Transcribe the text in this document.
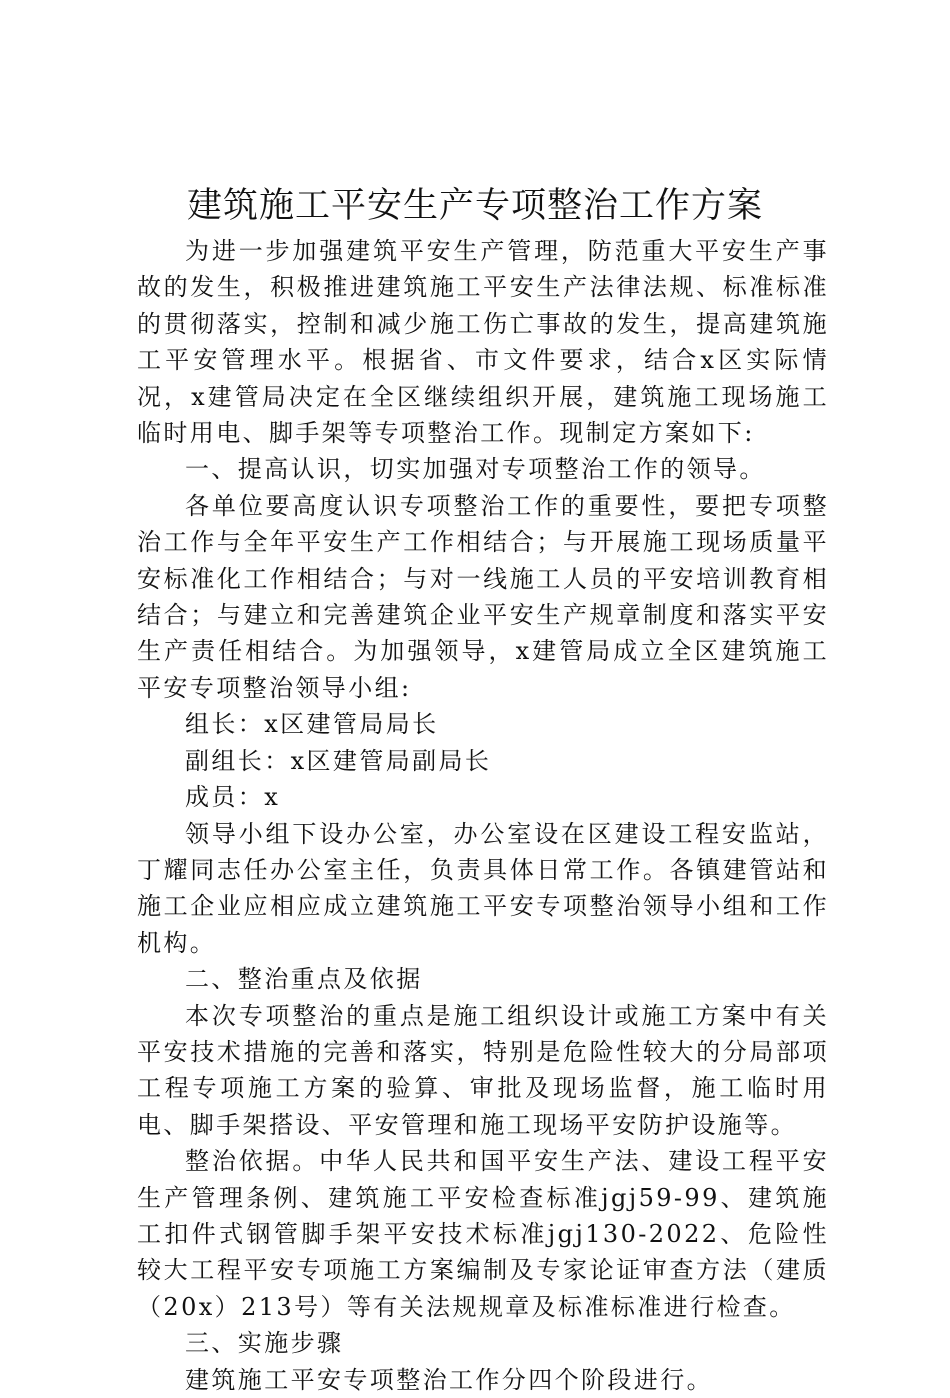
建筑施工平安生产专项整治工作方案

为进一步加强建筑平安生产管理，防范重大平安生产事故的发生，积极推进建筑施工平安生产法律法规、标准标准的贯彻落实，控制和减少施工伤亡事故的发生，提高建筑施工平安管理水平。根据省、市文件要求，结合x区实际情况，x建管局决定在全区继续组织开展，建筑施工现场施工临时用电、脚手架等专项整治工作。现制定方案如下:

一、提高认识，切实加强对专项整治工作的领导。

各单位要高度认识专项整治工作的重要性，要把专项整治工作与全年平安生产工作相结合；与开展施工现场质量平安标准化工作相结合；与对一线施工人员的平安培训教育相结合；与建立和完善建筑企业平安生产规章制度和落实平安生产责任相结合。为加强领导，x建管局成立全区建筑施工平安专项整治领导小组:

组长：x区建管局局长

副组长：x区建管局副局长

成员：x

领导小组下设办公室，办公室设在区建设工程安监站，丁耀同志任办公室主任，负责具体日常工作。各镇建管站和施工企业应相应成立建筑施工平安专项整治领导小组和工作机构。

二、整治重点及依据

本次专项整治的重点是施工组织设计或施工方案中有关平安技术措施的完善和落实，特别是危险性较大的分局部项工程专项施工方案的验算、审批及现场监督，施工临时用电、脚手架搭设、平安管理和施工现场平安防护设施等。

整治依据。中华人民共和国平安生产法、建设工程平安生产管理条例、建筑施工平安检查标准jgj59-99、建筑施工扣件式钢管脚手架平安技术标准jgj130-2022、危险性较大工程平安专项施工方案编制及专家论证审查方法（建质（20x）213号）等有关法规规章及标准标准进行检查。

三、实施步骤

建筑施工平安专项整治工作分四个阶段进行。
